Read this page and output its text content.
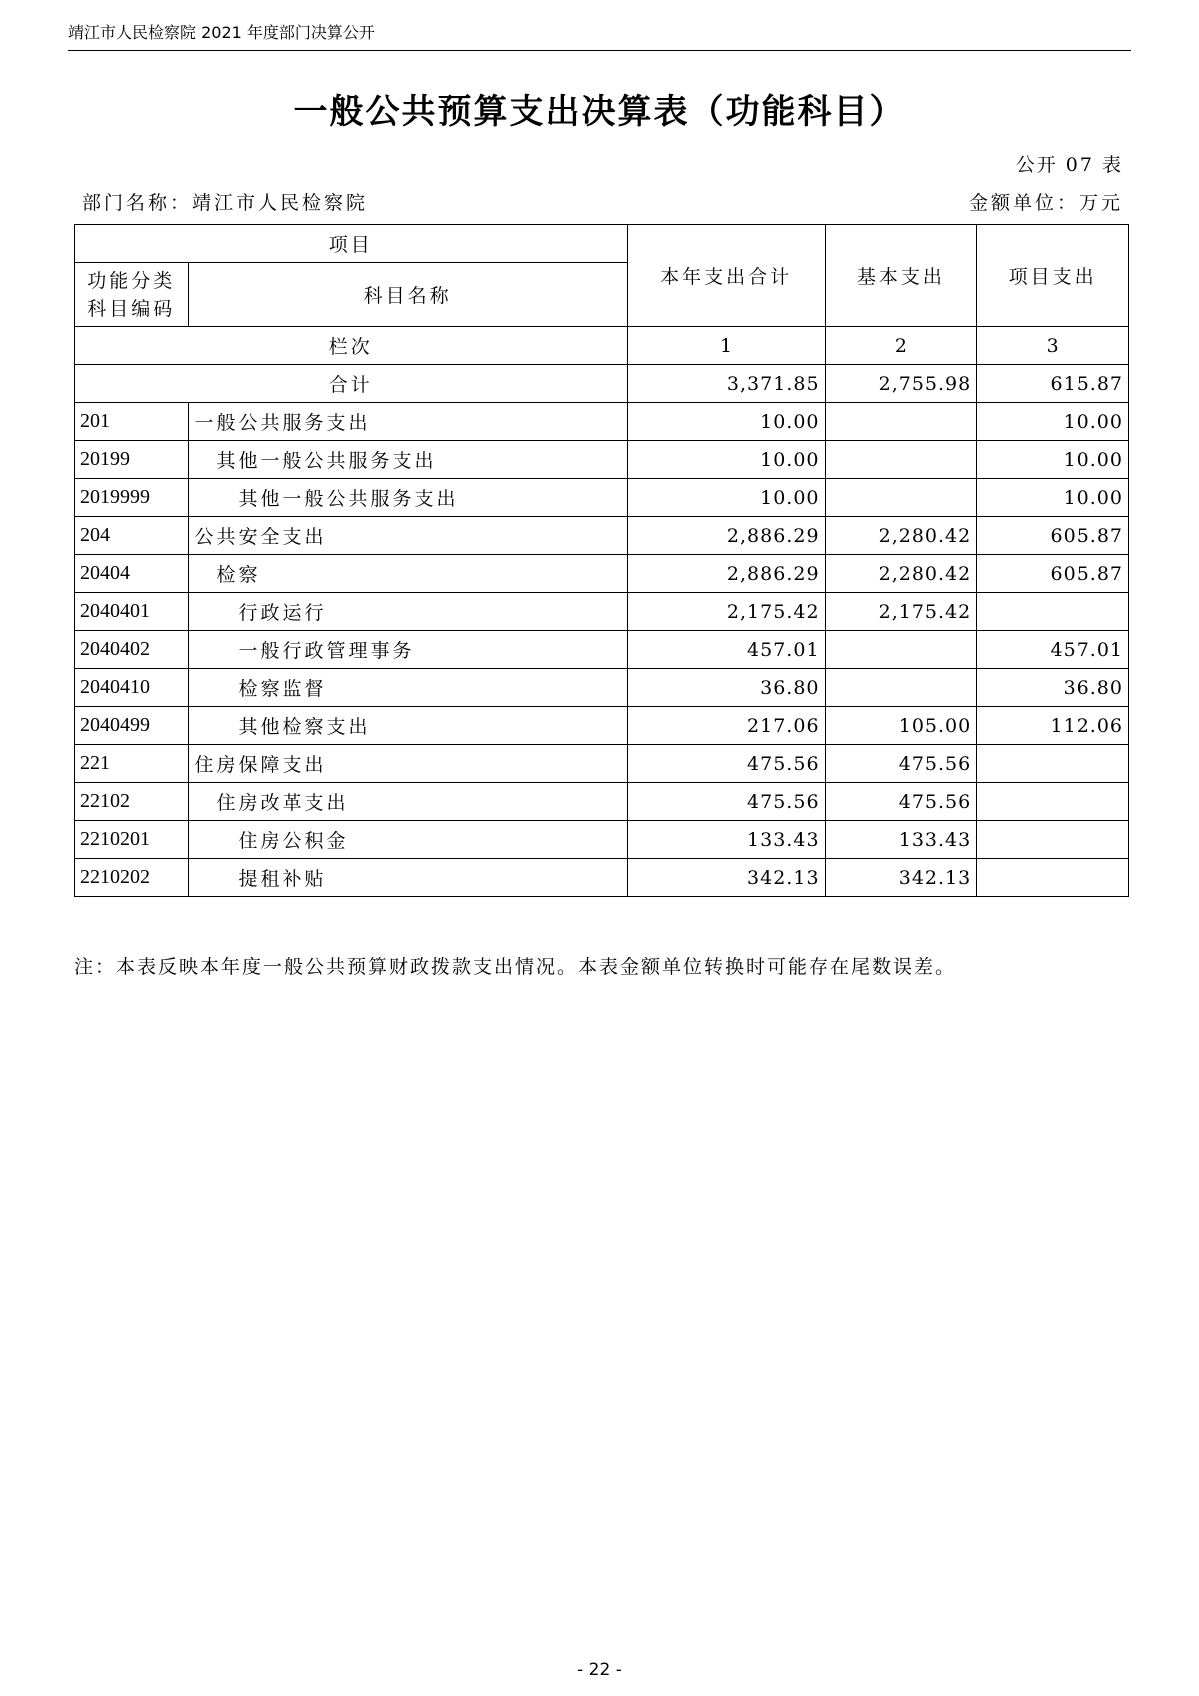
靖江市人民检察院 2021 年度部门决算公开
一般公共预算支出决算表（功能科目）
公开 07 表
部门名称：靖江市人民检察院	金额单位：万元
项目		本年支出合计	基本支出	项目支出

功能分类
科目编码	科目名称			
栏次		1	2	3
合计		3,371.85	2,755.98	615.87
201	一般公共服务支出	10.00		10.00
20199	其他一般公共服务支出	10.00		10.00
2019999	其他一般公共服务支出	10.00		10.00
204	公共安全支出	2,886.29	2,280.42	605.87
20404	检察	2,886.29	2,280.42	605.87
2040401	行政运行	2,175.42	2,175.42	
2040402	一般行政管理事务	457.01		457.01
2040410	检察监督	36.80		36.80
2040499	其他检察支出	217.06	105.00	112.06
221	住房保障支出	475.56	475.56	
22102	住房改革支出	475.56	475.56	
2210201	住房公积金	133.43	133.43	
2210202	提租补贴	342.13	342.13	
注：本表反映本年度一般公共预算财政拨款支出情况。本表金额单位转换时可能存在尾数误差。
- 22 -
